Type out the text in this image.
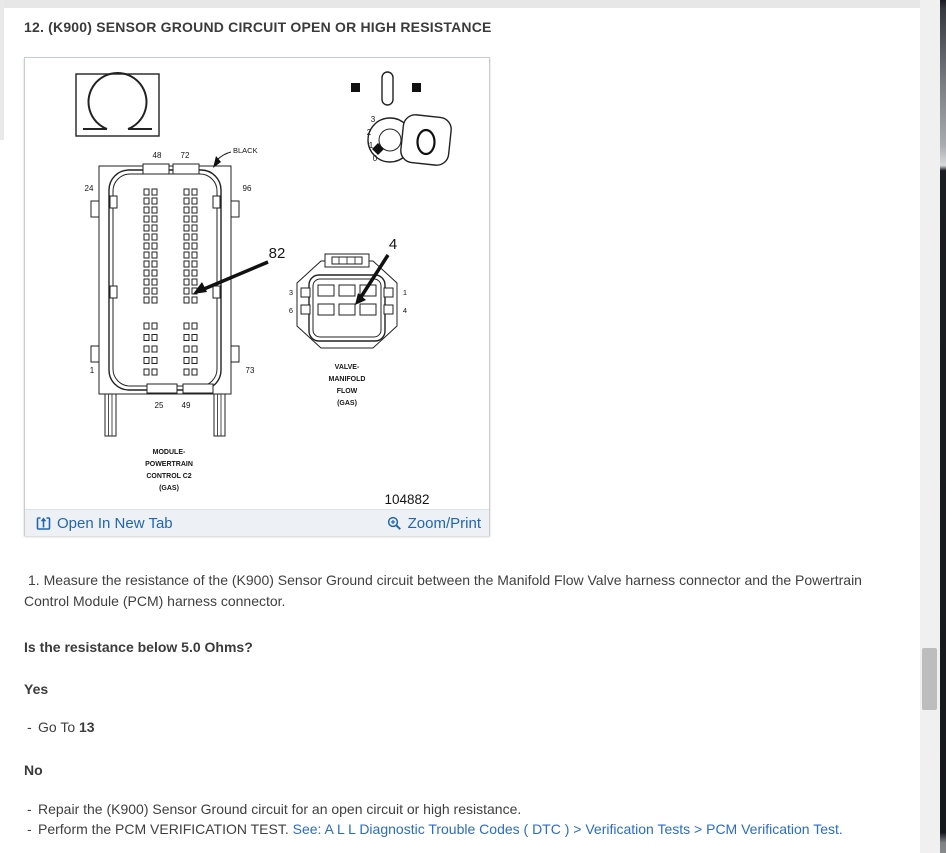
12. (K900) SENSOR GROUND CIRCUIT OPEN OR HIGH RESISTANCE
3
2
1
0
48 72
24	96
1	73
25 49
BLACK
82
MODULE-
POWERTRAIN
CONTROL C2
(GAS)
3
6
1
4
4
VALVE-
MANIFOLD
FLOW
(GAS)
104882
Open In New Tab	Zoom/Print
1. Measure the resistance of the (K900) Sensor Ground circuit between the Manifold Flow Valve harness connector and the Powertrain Control Module (PCM) harness connector.
Is the resistance below 5.0 Ohms?
Yes
- Go To 13
No
- Repair the (K900) Sensor Ground circuit for an open circuit or high resistance.
- Perform the PCM VERIFICATION TEST. See: A L L Diagnostic Trouble Codes ( DTC ) > Verification Tests > PCM Verification Test.
